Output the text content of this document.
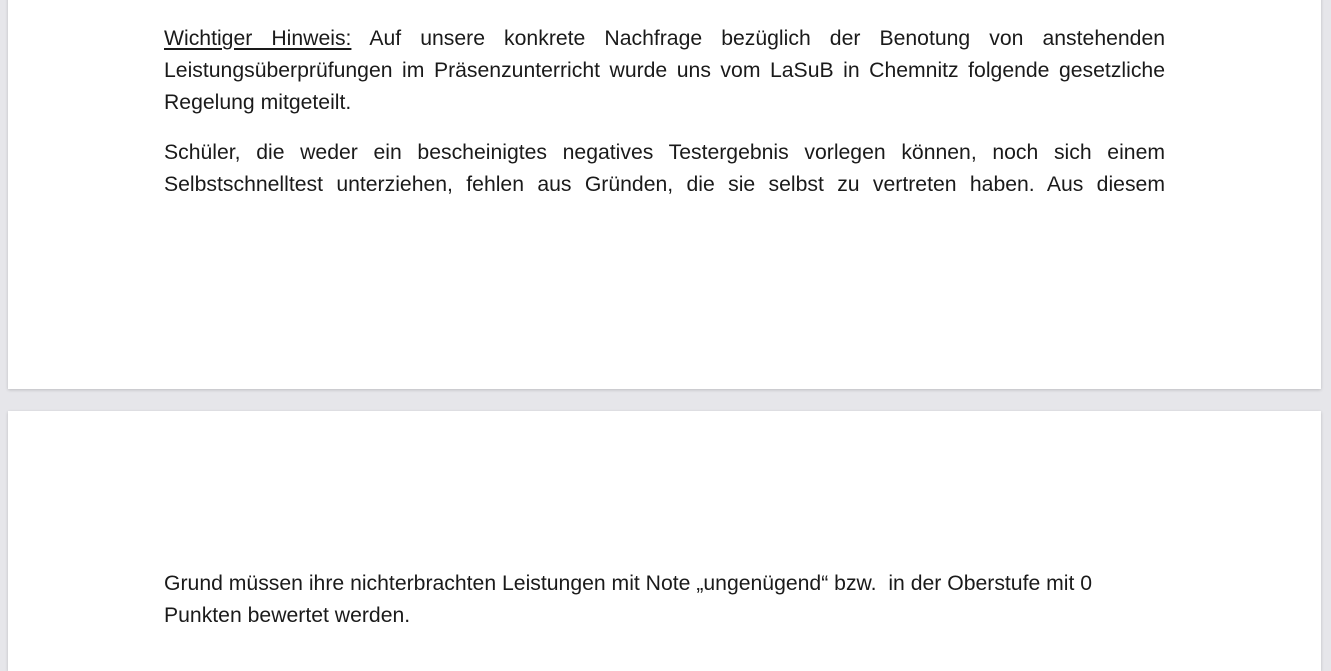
Wichtiger Hinweis: Auf unsere konkrete Nachfrage bezüglich der Benotung von anstehenden
Leistungsüberprüfungen im Präsenzunterricht wurde uns vom LaSuB in Chemnitz folgende gesetzliche
Regelung mitgeteilt.
Schüler, die weder ein bescheinigtes negatives Testergebnis vorlegen können, noch sich einem
Selbstschnelltest unterziehen, fehlen aus Gründen, die sie selbst zu vertreten haben. Aus diesem
Grund müssen ihre nichterbrachten Leistungen mit Note „ungenügend“ bzw.  in der Oberstufe mit 0
Punkten bewertet werden.
